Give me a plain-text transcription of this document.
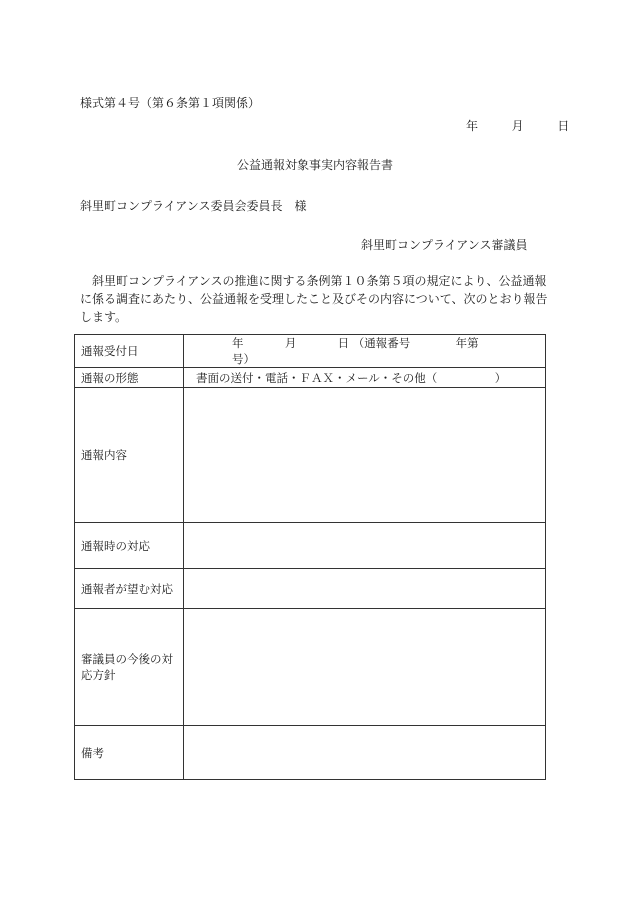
様式第４号（第６条第１項関係）
年	月	日
公益通報対象事実内容報告書
斜里町コンプライアンス委員会委員長　様
斜里町コンプライアンス審議員

斜里町コンプライアンスの推進に関する条例第１０条第５項の規定により、公益通報に係る調査にあたり、公益通報を受理したこと及びその内容について、次のとおり報告します。

通報受付日	年 月 日 （通報番号 年第  号）
通報の形態	書面の送付・電話・ＦＡＸ・メール・その他（　　　　　）
通報内容	
通報時の対応	
通報者が望む対応	
審議員の今後の対応方針	
備考	
